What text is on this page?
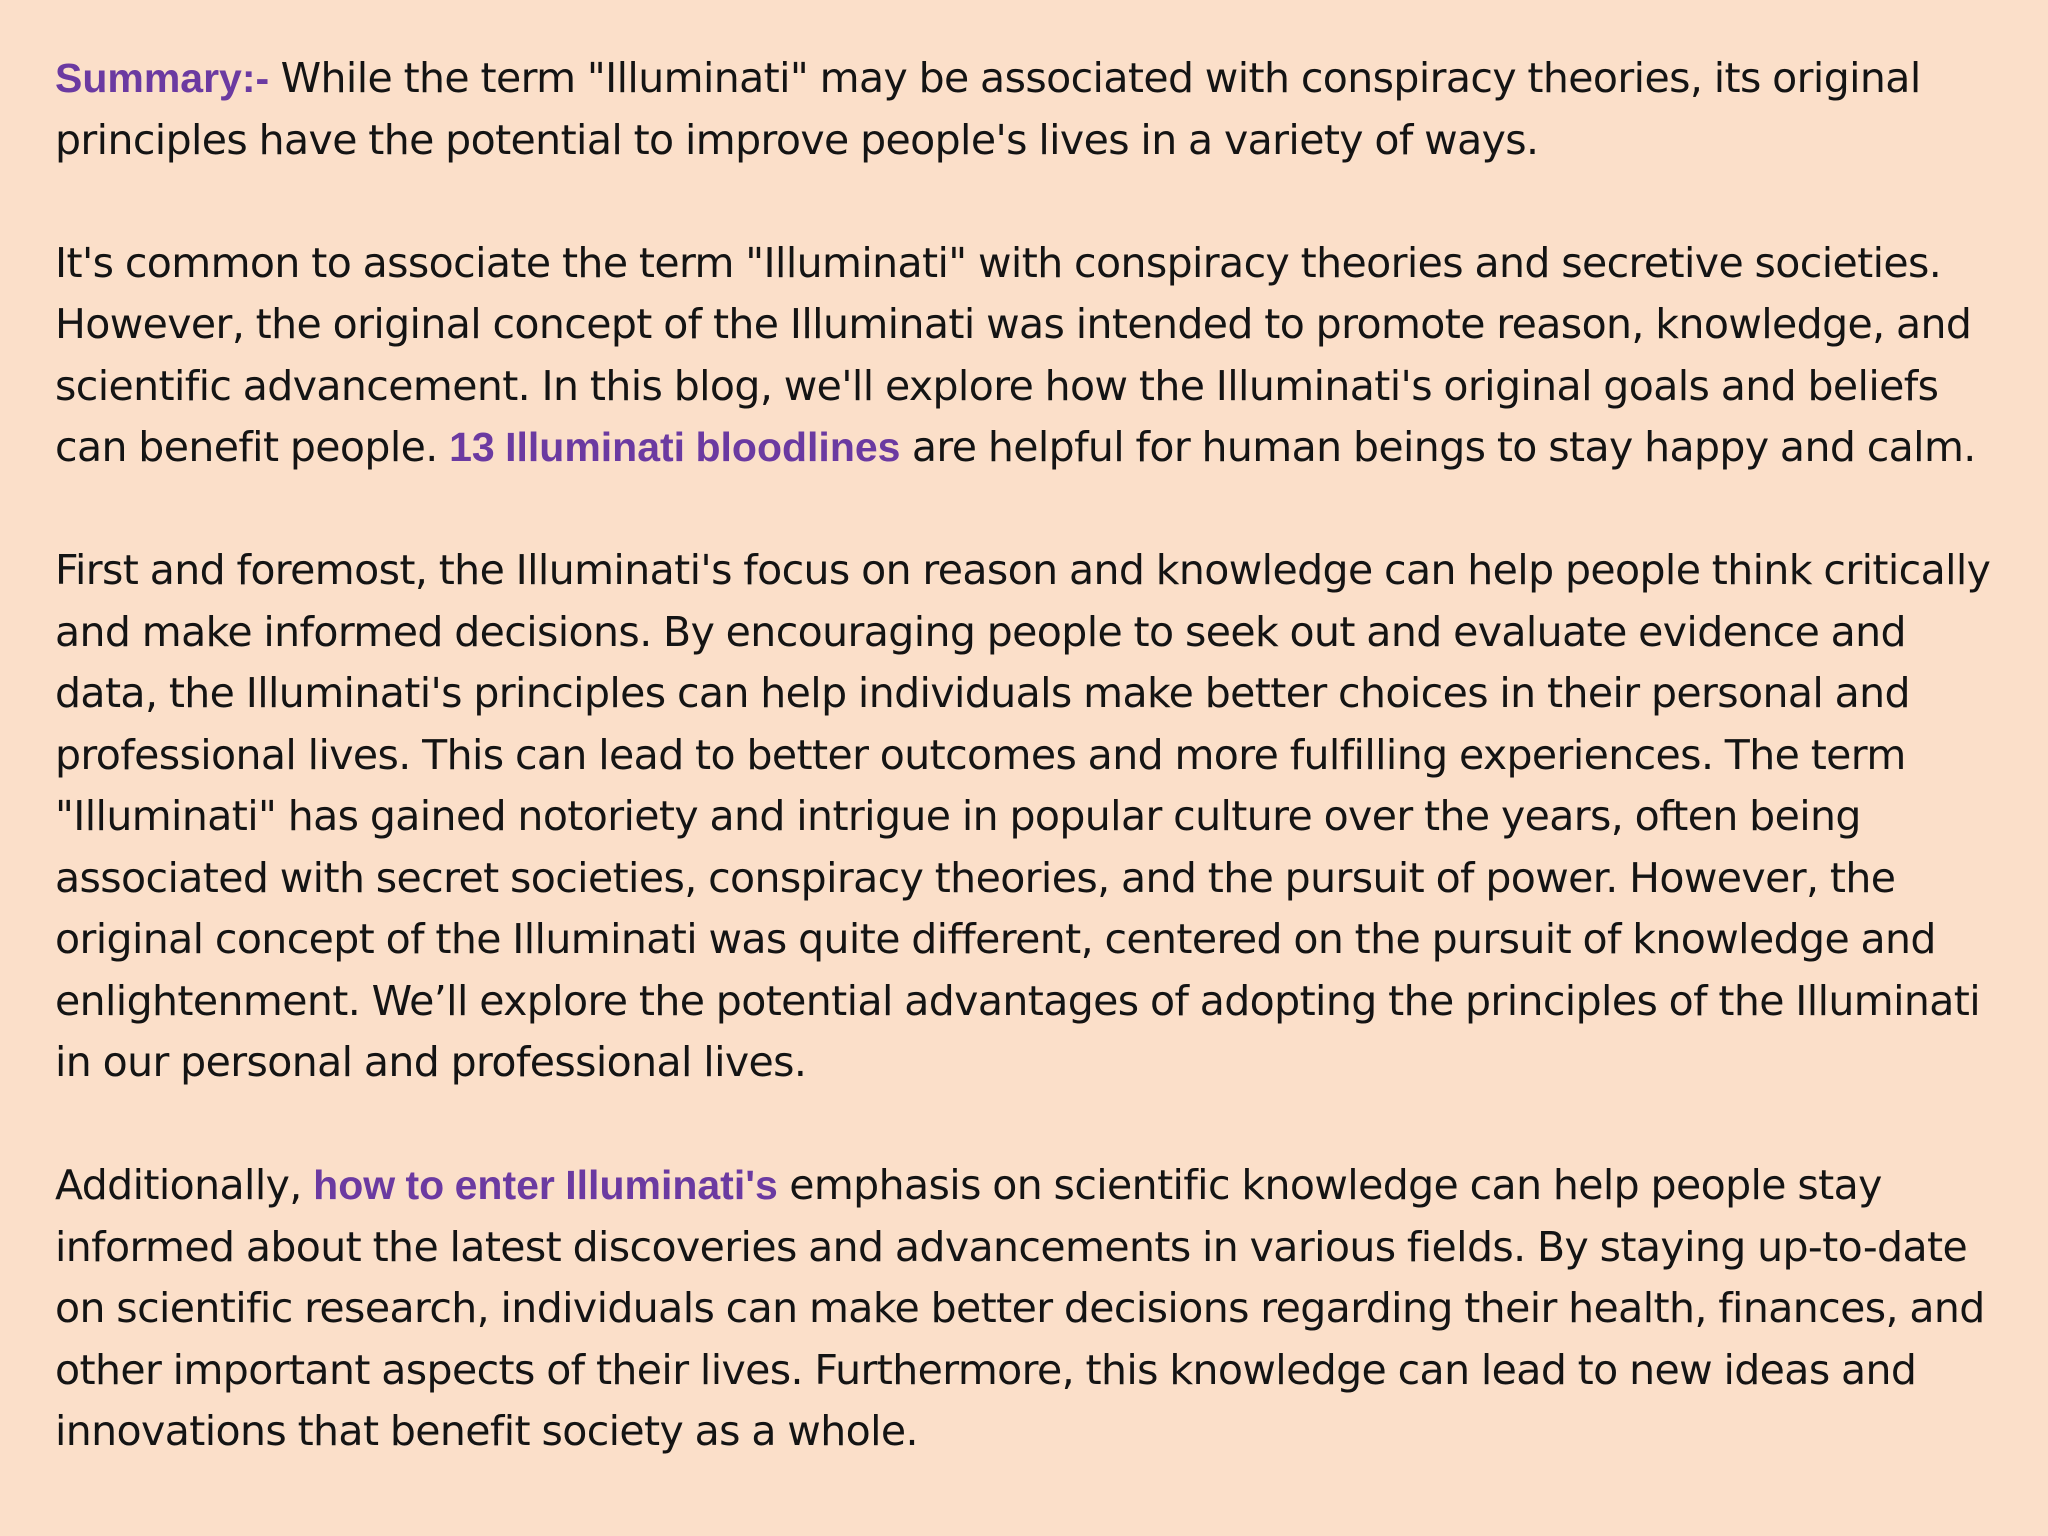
Summary:- While the term "Illuminati" may be associated with conspiracy theories, its original principles have the potential to improve people's lives in a variety of ways.

It's common to associate the term "Illuminati" with conspiracy theories and secretive societies. However, the original concept of the Illuminati was intended to promote reason, knowledge, and scientific advancement. In this blog, we'll explore how the Illuminati's original goals and beliefs can benefit people. 13 Illuminati bloodlines are helpful for human beings to stay happy and calm.

First and foremost, the Illuminati's focus on reason and knowledge can help people think critically and make informed decisions. By encouraging people to seek out and evaluate evidence and data, the Illuminati's principles can help individuals make better choices in their personal and professional lives. This can lead to better outcomes and more fulfilling experiences. The term "Illuminati" has gained notoriety and intrigue in popular culture over the years, often being associated with secret societies, conspiracy theories, and the pursuit of power. However, the original concept of the Illuminati was quite different, centered on the pursuit of knowledge and enlightenment. We’ll explore the potential advantages of adopting the principles of the Illuminati in our personal and professional lives.

Additionally, how to enter Illuminati's emphasis on scientific knowledge can help people stay informed about the latest discoveries and advancements in various fields. By staying up-to-date on scientific research, individuals can make better decisions regarding their health, finances, and other important aspects of their lives. Furthermore, this knowledge can lead to new ideas and innovations that benefit society as a whole.
